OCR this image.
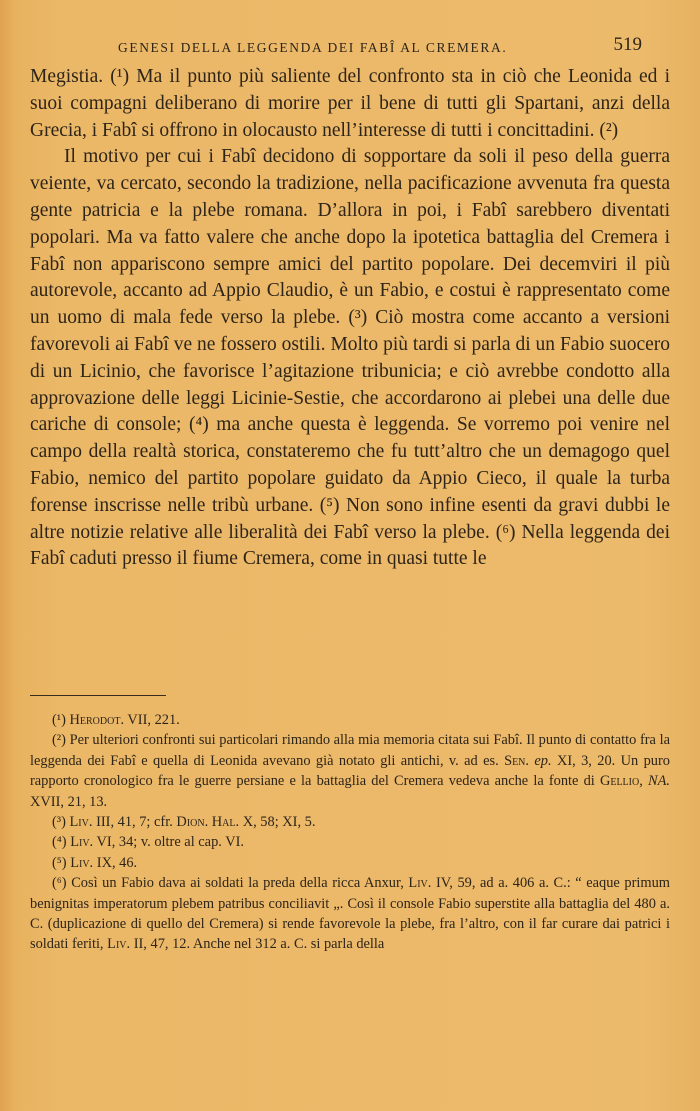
GENESI DELLA LEGGENDA DEI FABÎ AL CREMERA.	519

Megistia. (¹) Ma il punto più saliente del confronto sta in ciò che Leonida ed i suoi compagni deliberano di morire per il bene di tutti gli Spartani, anzi della Grecia, i Fabî si offrono in olocausto nell’interesse di tutti i concittadini. (²)

Il motivo per cui i Fabî decidono di sopportare da soli il peso della guerra veiente, va cercato, secondo la tradizione, nella pacificazione avvenuta fra questa gente patricia e la plebe romana. D’allora in poi, i Fabî sarebbero diventati popolari. Ma va fatto valere che anche dopo la ipotetica battaglia del Cremera i Fabî non appariscono sempre amici del partito popolare. Dei decemviri il più autorevole, accanto ad Appio Claudio, è un Fabio, e costui è rappresentato come un uomo di mala fede verso la plebe. (³) Ciò mostra come accanto a versioni favorevoli ai Fabî ve ne fossero ostili. Molto più tardi si parla di un Fabio suocero di un Licinio, che favorisce l’agitazione tribunicia; e ciò avrebbe condotto alla approvazione delle leggi Licinie-Sestie, che accordarono ai plebei una delle due cariche di console; (⁴) ma anche questa è leggenda. Se vorremo poi venire nel campo della realtà storica, constateremo che fu tutt’altro che un demagogo quel Fabio, nemico del partito popolare guidato da Appio Cieco, il quale la turba forense inscrisse nelle tribù urbane. (⁵) Non sono infine esenti da gravi dubbi le altre notizie relative alle liberalità dei Fabî verso la plebe. (⁶) Nella leggenda dei Fabî caduti presso il fiume Cremera, come in quasi tutte le

(¹) Herodot. VII, 221.

(²) Per ulteriori confronti sui particolari rimando alla mia memoria citata sui Fabî. Il punto di contatto fra la leggenda dei Fabî e quella di Leonida avevano già notato gli antichi, v. ad es. Sen. ep. XI, 3, 20. Un puro rapporto cronologico fra le guerre persiane e la battaglia del Cremera vedeva anche la fonte di Gellio, NA. XVII, 21, 13.

(³) Liv. III, 41, 7; cfr. Dion. Hal. X, 58; XI, 5.

(⁴) Liv. VI, 34; v. oltre al cap. VI.

(⁵) Liv. IX, 46.

(⁶) Così un Fabio dava ai soldati la preda della ricca Anxur, Liv. IV, 59, ad a. 406 a. C.: “ eaque primum benignitas imperatorum plebem patribus conciliavit „. Così il console Fabio superstite alla battaglia del 480 a. C. (duplicazione di quello del Cremera) si rende favorevole la plebe, fra l’altro, con il far curare dai patrici i soldati feriti, Liv. II, 47, 12. Anche nel 312 a. C. si parla della
